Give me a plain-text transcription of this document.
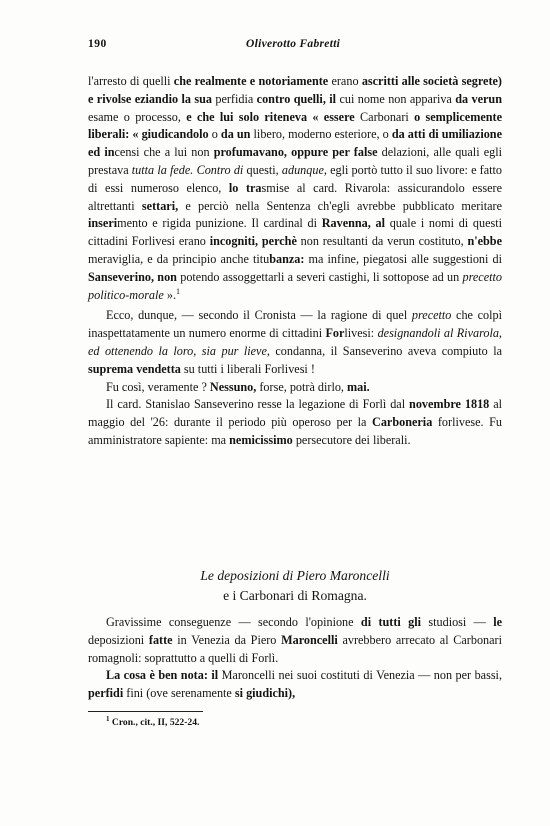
190	Oliverotto Fabretti

l'arresto di quelli che realmente e notoriamente erano ascritti alle società segrete) e rivolse eziandio la sua perfidia contro quelli, il cui nome non appariva da verun esame o processo, e che lui solo riteneva « essere Carbonari o semplicemente liberali: « giudicandolo o da un libero, moderno esteriore, o da atti di umiliazione ed incensi che a lui non profumavano, oppure per false delazioni, alle quali egli prestava tutta la fede. Contro di questi, adunque, egli portò tutto il suo livore: e fatto di essi numeroso elenco, lo trasmise al card. Rivarola: assicurandolo essere altrettanti settari, e perciò nella Sentenza ch'egli avrebbe pubblicato meritare inserimento e rigida punizione. Il cardinal di Ravenna, al quale i nomi di questi cittadini Forlivesi erano incogniti, perchè non resultanti da verun costituto, n'ebbe meraviglia, e da principio anche titubanza: ma infine, piegatosi alle suggestioni di Sanseverino, non potendo assoggettarli a severi castighi, li sottopose ad un precetto politico-morale ».$^1$

Ecco, dunque, — secondo il Cronista — la ragione di quel precetto che colpì inaspettatamente un numero enorme di cittadini Forlivesi: designandoli al Rivarola, ed ottenendo la loro, sia pur lieve, condanna, il Sanseverino aveva compiuto la suprema vendetta su tutti i liberali Forlivesi !

Fu così, veramente ? Nessuno, forse, potrà dirlo, mai.

Il card. Stanislao Sanseverino resse la legazione di Forlì dal novembre 1818 al maggio del '26: durante il periodo più operoso per la Carboneria forlivese. Fu amministratore sapiente: ma nemicissimo persecutore dei liberali.

Le deposizioni di Piero Maroncelli
e i Carbonari di Romagna.

Gravissime conseguenze — secondo l'opinione di tutti gli studiosi — le deposizioni fatte in Venezia da Piero Maroncelli avrebbero arrecato al Carbonari romagnoli: soprattutto a quelli di Forlì.

La cosa è ben nota: il Maroncelli nei suoi costituti di Venezia — non per bassi, perfidi fini (ove serenamente si giudichi),

$^1$ Cron., cit., II, 522-24.
